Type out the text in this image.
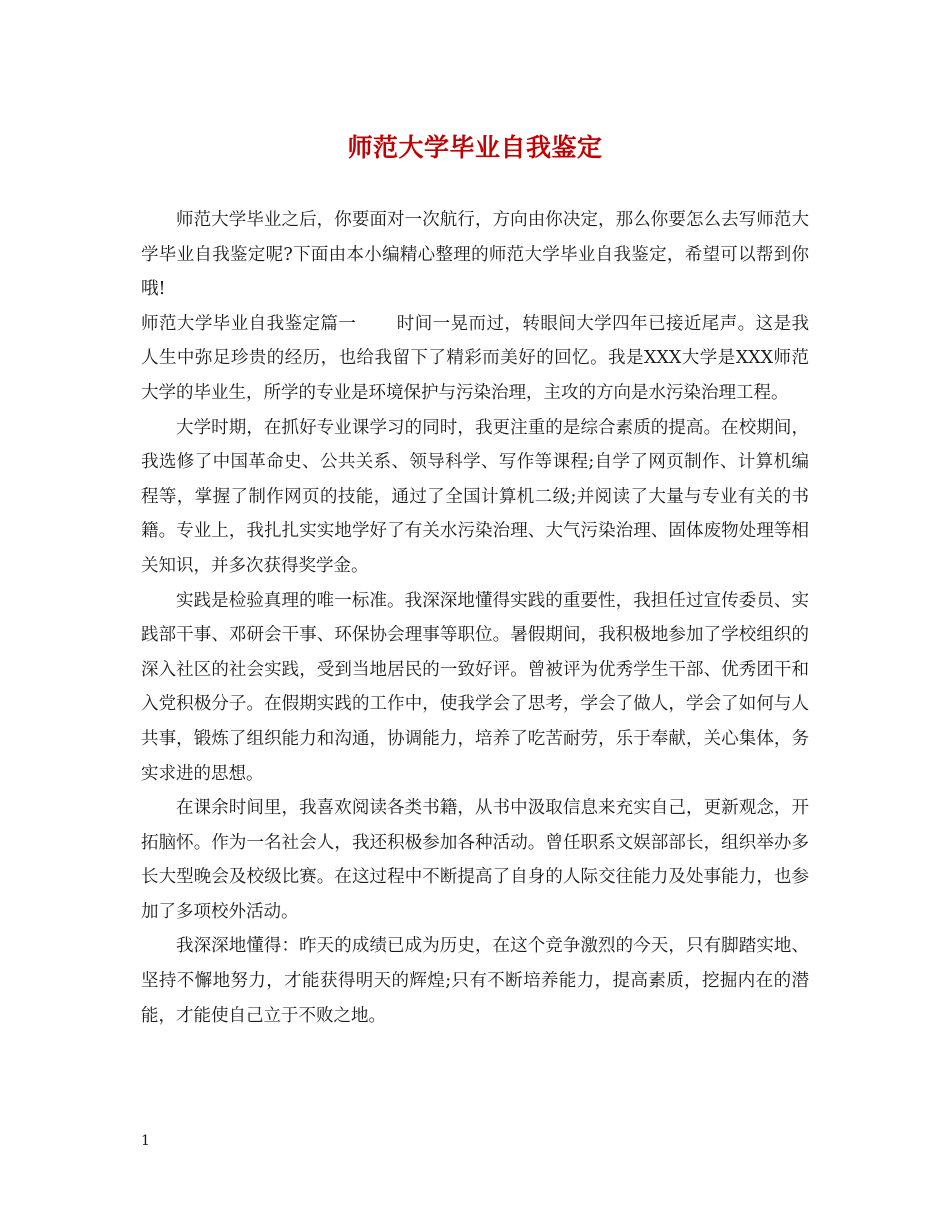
师范大学毕业自我鉴定

师范大学毕业之后，你要面对一次航行，方向由你决定，那么你要怎么去写师范大学毕业自我鉴定呢?下面由本小编精心整理的师范大学毕业自我鉴定，希望可以帮到你哦!

师范大学毕业自我鉴定篇一 时间一晃而过，转眼间大学四年已接近尾声。这是我人生中弥足珍贵的经历，也给我留下了精彩而美好的回忆。我是XXX大学是XXX师范大学的毕业生，所学的专业是环境保护与污染治理，主攻的方向是水污染治理工程。

大学时期，在抓好专业课学习的同时，我更注重的是综合素质的提高。在校期间，我选修了中国革命史、公共关系、领导科学、写作等课程;自学了网页制作、计算机编程等，掌握了制作网页的技能，通过了全国计算机二级;并阅读了大量与专业有关的书籍。专业上，我扎扎实实地学好了有关水污染治理、大气污染治理、固体废物处理等相关知识，并多次获得奖学金。

实践是检验真理的唯一标准。我深深地懂得实践的重要性，我担任过宣传委员、实践部干事、邓研会干事、环保协会理事等职位。暑假期间，我积极地参加了学校组织的深入社区的社会实践，受到当地居民的一致好评。曾被评为优秀学生干部、优秀团干和入党积极分子。在假期实践的工作中，使我学会了思考，学会了做人，学会了如何与人共事，锻炼了组织能力和沟通，协调能力，培养了吃苦耐劳，乐于奉献，关心集体，务实求进的思想。

在课余时间里，我喜欢阅读各类书籍，从书中汲取信息来充实自己，更新观念，开拓脑怀。作为一名社会人，我还积极参加各种活动。曾任职系文娱部部长，组织举办多长大型晚会及校级比赛。在这过程中不断提高了自身的人际交往能力及处事能力，也参加了多项校外活动。

我深深地懂得：昨天的成绩已成为历史，在这个竞争激烈的今天，只有脚踏实地、坚持不懈地努力，才能获得明天的辉煌;只有不断培养能力，提高素质，挖掘内在的潜能，才能使自己立于不败之地。

1
